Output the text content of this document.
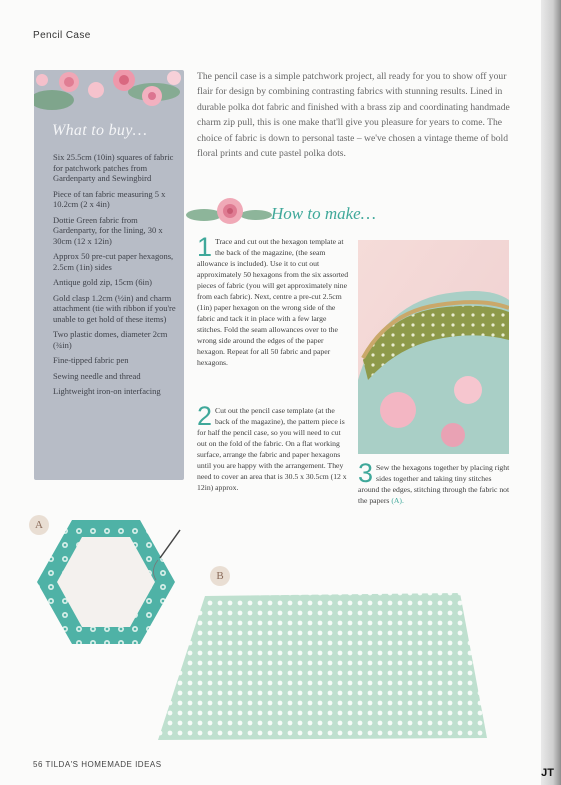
Pencil Case
What to buy…
Six 25.5cm (10in) squares of fabric for patchwork patches from Gardenparty and Sewingbird
Piece of tan fabric measuring 5 x 10.2cm (2 x 4in)
Dottie Green fabric from Gardenparty, for the lining, 30 x 30cm (12 x 12in)
Approx 50 pre-cut paper hexagons, 2.5cm (1in) sides
Antique gold zip, 15cm (6in)
Gold clasp 1.2cm (½in) and charm attachment (tie with ribbon if you're unable to get hold of these items)
Two plastic domes, diameter 2cm (¾in)
Fine-tipped fabric pen
Sewing needle and thread
Lightweight iron-on interfacing
The pencil case is a simple patchwork project, all ready for you to show off your flair for design by combining contrasting fabrics with stunning results. Lined in durable polka dot fabric and finished with a brass zip and coordinating handmade charm zip pull, this is one make that'll give you pleasure for years to come. The choice of fabric is down to personal taste – we've chosen a vintage theme of bold floral prints and cute pastel polka dots.
How to make…
1 Trace and cut out the hexagon template at the back of the magazine, (the seam allowance is included). Use it to cut out approximately 50 hexagons from the six assorted pieces of fabric (you will get approximately nine from each fabric). Next, centre a pre-cut 2.5cm (1in) paper hexagon on the wrong side of the fabric and tack it in place with a few large stitches. Fold the seam allowances over to the wrong side around the edges of the paper hexagon. Repeat for all 50 fabric and paper hexagons.
2 Cut out the pencil case template (at the back of the magazine), the pattern piece is for half the pencil case, so you will need to cut out on the fold of the fabric. On a flat working surface, arrange the fabric and paper hexagons until you are happy with the arrangement. They need to cover an area that is 30.5 x 30.5cm (12 x 12in) approx.	3 Sew the hexagons together by placing right sides together and taking tiny stitches around the edges, stitching through the fabric not the papers (A).
A
B
56 TILDA'S HOMEMADE IDEAS
JT
